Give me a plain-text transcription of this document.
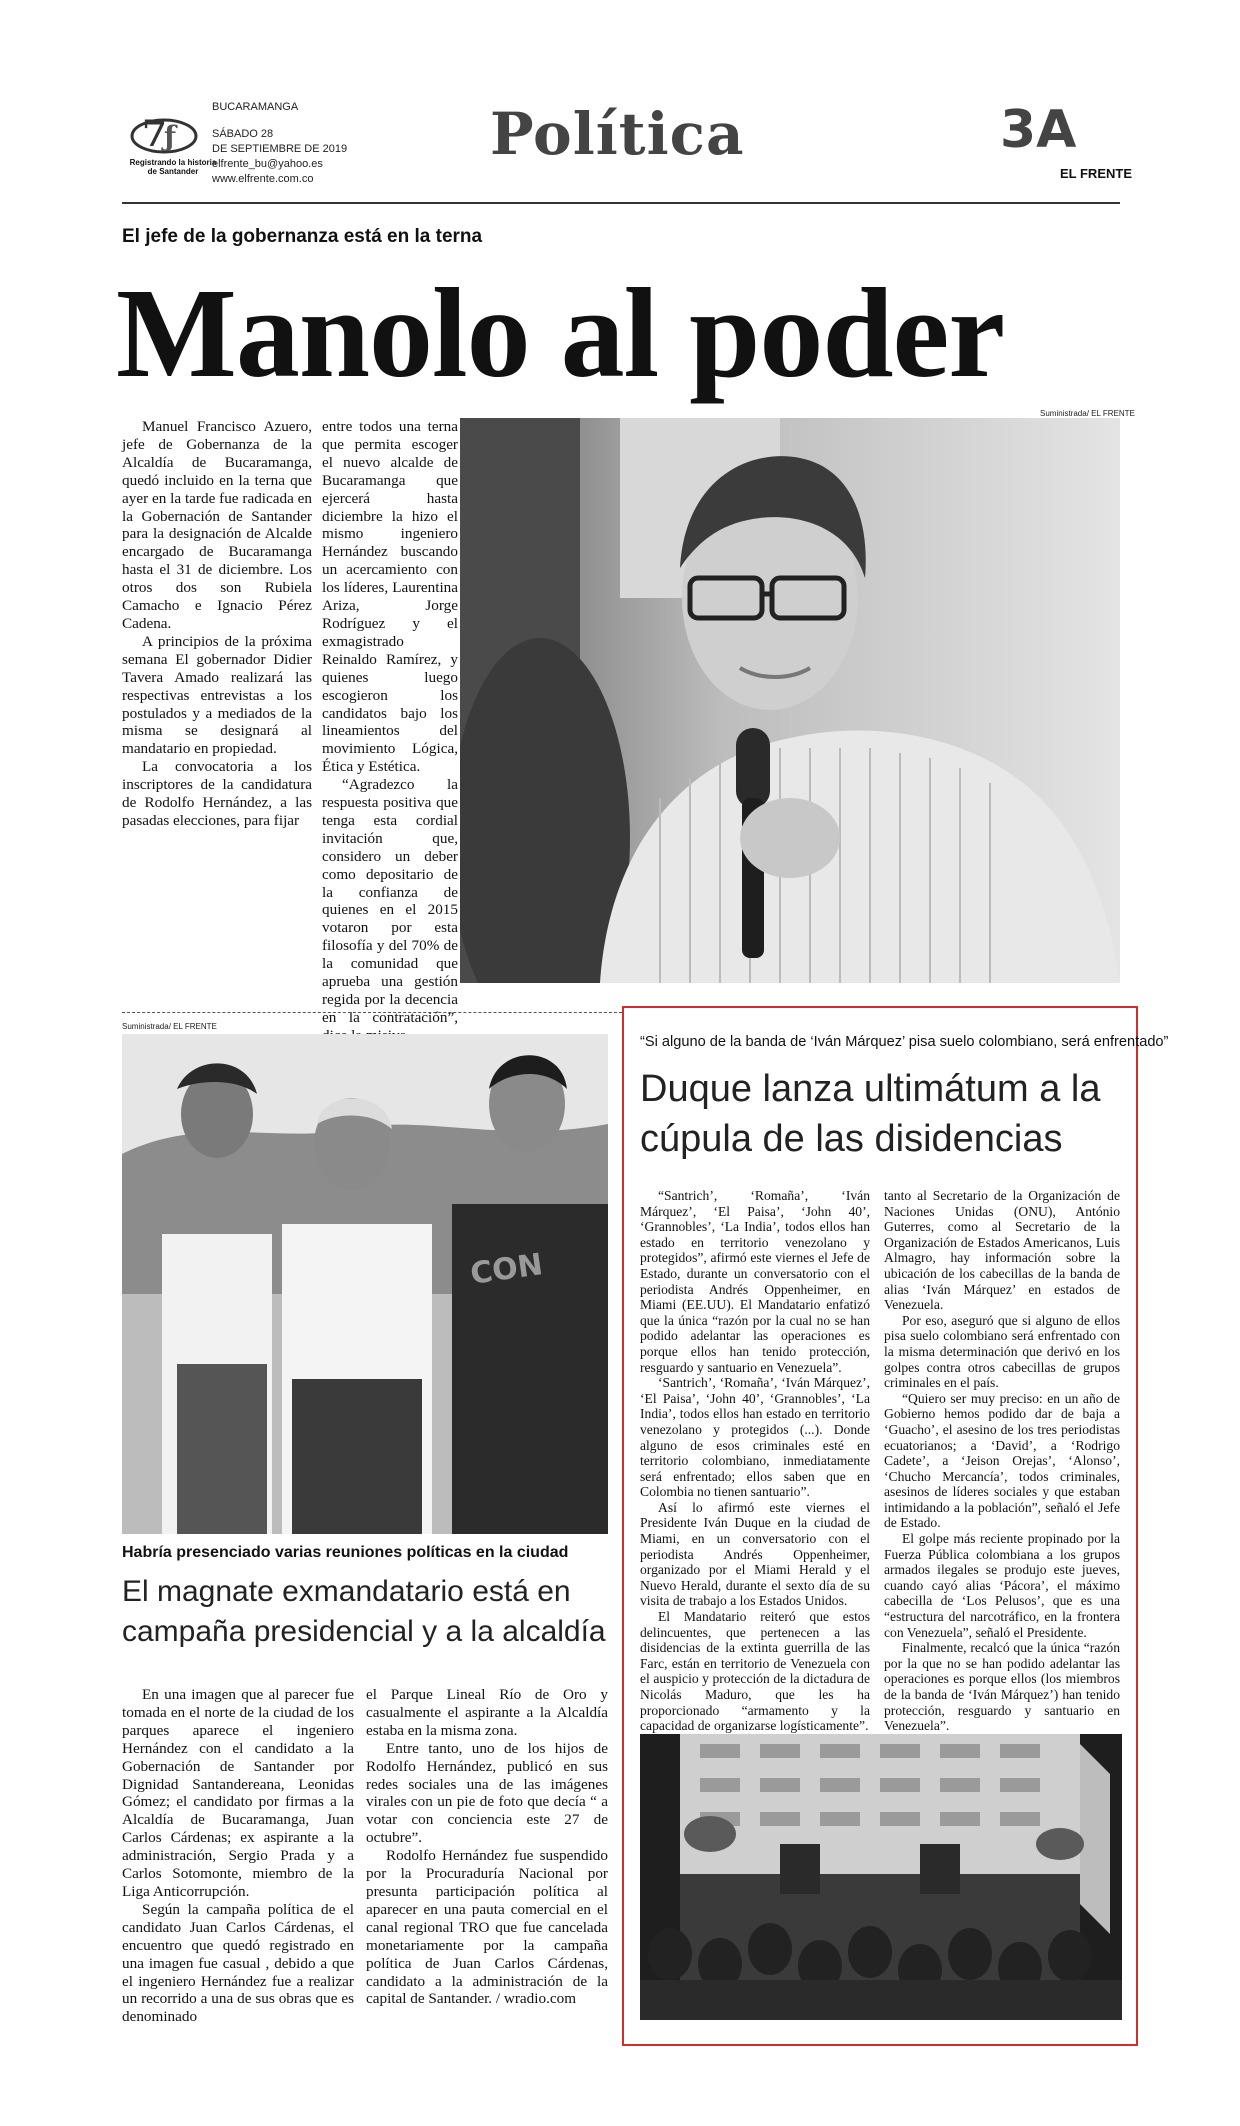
7
ƒ
Registrando la historia de Santander
BUCARAMANGA
SÁBADO 28
DE SEPTIEMBRE DE 2019
elfrente_bu@yahoo.es
www.elfrente.com.co
Política	3A
EL FRENTE
El jefe de la gobernanza está en la terna
Manolo al poder

Manuel Francisco Azuero, jefe de Gobernanza de la Alcaldía de Bucaramanga, quedó incluido en la terna que ayer en la tarde fue radicada en la Gobernación de Santander para la designación de Alcalde encargado de Bucaramanga hasta el 31 de diciembre. Los otros dos son Rubiela Camacho e Ignacio Pérez Cadena.

A principios de la próxima semana El gobernador Didier Tavera Amado realizará las respectivas entrevistas a los postulados y a mediados de la misma se designará al mandatario en propiedad.

La convocatoria a los inscriptores de la candidatura de Rodolfo Hernández, a las pasadas elecciones, para fijar

entre todos una terna que permita escoger el nuevo alcalde de Bucaramanga que ejercerá hasta diciembre la hizo el mismo ingeniero Hernández buscando un acercamiento con los líderes, Laurentina Ariza, Jorge Rodríguez y el exmagistrado Reinaldo Ramírez, y quienes luego escogieron los candidatos bajo los lineamientos del movimiento Lógica, Ética y Estética.

“Agradezco la respuesta positiva que tenga esta cordial invitación que, considero un deber como depositario de la confianza de quienes en el 2015 votaron por esta filosofía y del 70% de la comunidad que aprueba una gestión regida por la decencia en la contratación”,

Suministrada/ EL FRENTE
Suministrada/ EL FRENTE
CON
Habría presenciado varias reuniones políticas en la ciudad
El magnate exmandatario está en campaña presidencial y a la alcaldía

En una imagen que al parecer fue tomada en el norte de la ciudad de los parques aparece el ingeniero Hernández con el candidato a la Gobernación de Santander por Dignidad Santandereana, Leonidas Gómez; el candidato por firmas a la Alcaldía de Bucaramanga, Juan Carlos Cárdenas; ex aspirante a la administración, Sergio Prada y a Carlos Sotomonte, miembro de la Liga Anticorrupción.

Según la campaña política de el candidato Juan Carlos Cárdenas, el encuentro que quedó registrado en una imagen fue casual , debido a que el ingeniero Hernández fue a realizar un recorrido a una de sus obras que es denominado

el Parque Lineal Río de Oro y casualmente el aspirante a la Alcaldía estaba en la misma zona.

Entre tanto, uno de los hijos de Rodolfo Hernández, publicó en sus redes sociales una de las imágenes virales con un pie de foto que decía “ a votar con conciencia este 27 de octubre”.

Rodolfo Hernández fue suspendido por la Procuraduría Nacional por presunta participación política al aparecer en una pauta comercial en el canal regional TRO que fue cancelada monetariamente por la campaña política de Juan Carlos Cárdenas, candidato a la administración de la capital de Santander. / wradio.com

“Si alguno de la banda de ‘Iván Márquez’ pisa suelo colombiano, será enfrentado”
Duque lanza ultimátum a la cúpula de las disidencias

“Santrich’, ‘Romaña’, ‘Iván Márquez’, ‘El Paisa’, ‘John 40’, ‘Grannobles’, ‘La India’, todos ellos han estado en territorio venezolano y protegidos”, afirmó este viernes el Jefe de Estado, durante un conversatorio con el periodista Andrés Oppenheimer, en Miami (EE.UU). El Mandatario enfatizó que la única “razón por la cual no se han podido adelantar las operaciones es porque ellos han tenido protección, resguardo y santuario en Venezuela”.

‘Santrich’, ‘Romaña’, ‘Iván Márquez’, ‘El Paisa’, ‘John 40’, ‘Grannobles’, ‘La India’, todos ellos han estado en territorio venezolano y protegidos (...). Donde alguno de esos criminales esté en territorio colombiano, inmediatamente será enfrentado; ellos saben que en Colombia no tienen santuario”.

Así lo afirmó este viernes el Presidente Iván Duque en la ciudad de Miami, en un conversatorio con el periodista Andrés Oppenheimer, organizado por el Miami Herald y el Nuevo Herald, durante el sexto día de su visita de trabajo a los Estados Unidos.

El Mandatario reiteró que estos delincuentes, que pertenecen a las disidencias de la extinta guerrilla de las Farc, están en territorio de Venezuela con el auspicio y protección de la dictadura de Nicolás Maduro, que les ha proporcionado “armamento y la capacidad de organizarse logísticamente”.

tanto al Secretario de la Organización de Naciones Unidas (ONU), António Guterres, como al Secretario de la Organización de Estados Americanos, Luis Almagro, hay información sobre la ubicación de los cabecillas de la banda de alias ‘Iván Márquez’ en estados de Venezuela.

Por eso, aseguró que si alguno de ellos pisa suelo colombiano será enfrentado con la misma determinación que derivó en los golpes contra otros cabecillas de grupos criminales en el país.

“Quiero ser muy preciso: en un año de Gobierno hemos podido dar de baja a ‘Guacho’, el asesino de los tres periodistas ecuatorianos; a ‘David’, a ‘Rodrigo Cadete’, a ‘Jeison Orejas’, ‘Alonso’, ‘Chucho Mercancía’, todos criminales, asesinos de líderes sociales y que estaban intimidando a la población”, señaló el Jefe de Estado.

El golpe más reciente propinado por la Fuerza Pública colombiana a los grupos armados ilegales se produjo este jueves, cuando cayó alias ‘Pácora’, el máximo cabecilla de ‘Los Pelusos’, que es una “estructura del narcotráfico, en la frontera con Venezuela”, señaló el Presidente.

Finalmente, recalcó que la única “razón por la que no se han podido adelantar las operaciones es porque ellos (los miembros de la banda de ‘Iván Márquez’) han tenido protección, resguardo y santuario en Venezuela”.
